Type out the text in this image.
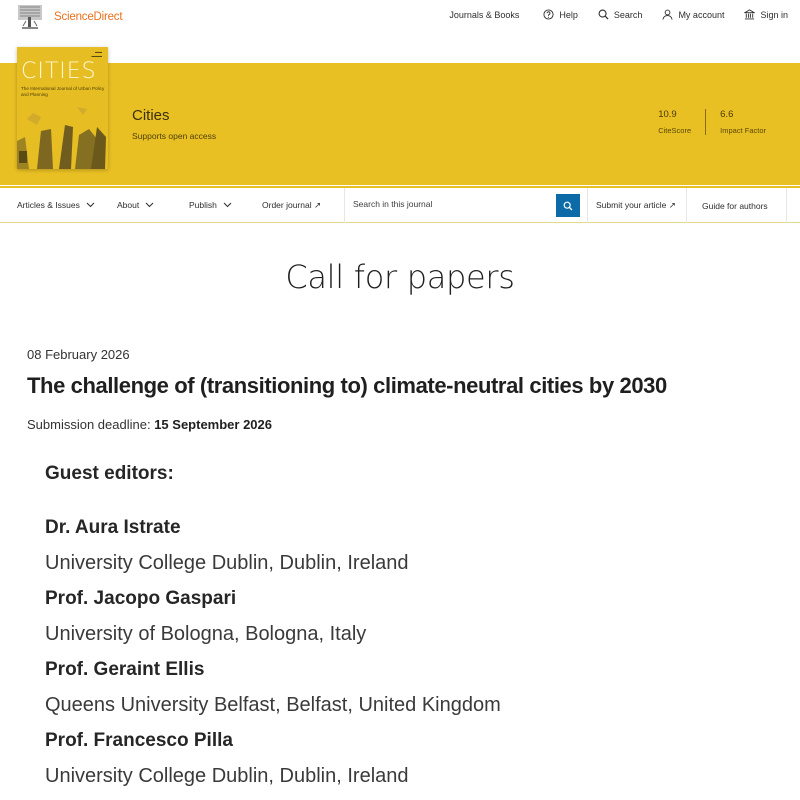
ScienceDirect	Journals & Books	Help	Search	My account	Sign in
▬▬
▬▬▬
CITIES
The International Journal of Urban Policy and Planning
Cities
Supports open access
10.9
CiteScore
6.6
Impact Factor
Articles & Issues	About	Publish	Order journal ↗
Search in this journal	Submit your article ↗	Guide for authors
Call for papers
08 February 2026
The challenge of (transitioning to) climate-neutral cities by 2030
Submission deadline: 15 September 2026
Guest editors:
Dr. Aura Istrate
University College Dublin, Dublin, Ireland
Prof. Jacopo Gaspari
University of Bologna, Bologna, Italy
Prof. Geraint Ellis
Queens University Belfast, Belfast, United Kingdom
Prof. Francesco Pilla
University College Dublin, Dublin, Ireland
